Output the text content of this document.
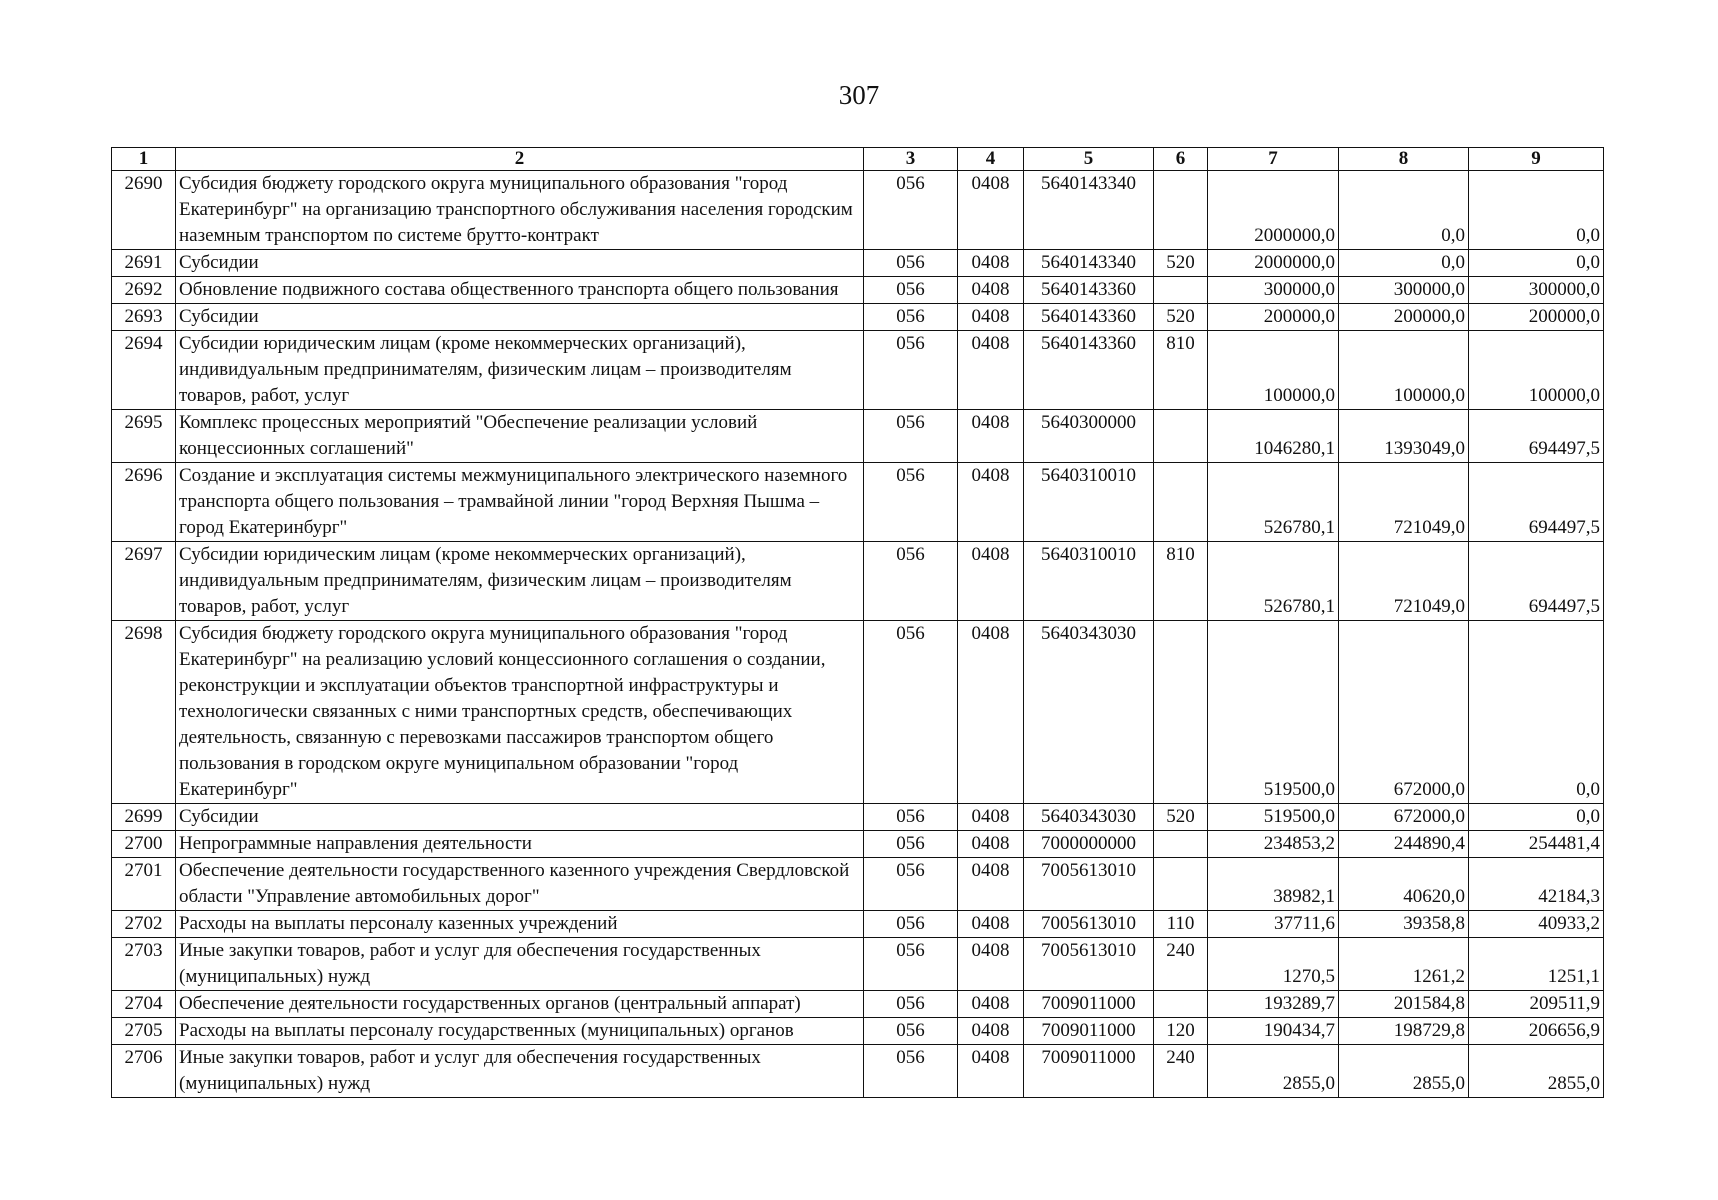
307
1	2	3	4	5	6	7	8	9
2690	Субсидия бюджету городского округа муниципального образования "город Екатеринбург" на организацию транспортного обслуживания населения городским наземным транспортом по системе брутто-контракт	056	0408	5640143340		2000000,0	0,0	0,0
2691	Субсидии	056	0408	5640143340	520	2000000,0	0,0	0,0
2692	Обновление подвижного состава общественного транспорта общего пользования	056	0408	5640143360		300000,0	300000,0	300000,0
2693	Субсидии	056	0408	5640143360	520	200000,0	200000,0	200000,0
2694	Субсидии юридическим лицам (кроме некоммерческих организаций), индивидуальным предпринимателям, физическим лицам – производителям товаров, работ, услуг	056	0408	5640143360	810	100000,0	100000,0	100000,0
2695	Комплекс процессных мероприятий "Обеспечение реализации условий концессионных соглашений"	056	0408	5640300000		1046280,1	1393049,0	694497,5
2696	Создание и эксплуатация системы межмуниципального электрического наземного транспорта общего пользования – трамвайной линии "город Верхняя Пышма – город Екатеринбург"	056	0408	5640310010		526780,1	721049,0	694497,5
2697	Субсидии юридическим лицам (кроме некоммерческих организаций), индивидуальным предпринимателям, физическим лицам – производителям товаров, работ, услуг	056	0408	5640310010	810	526780,1	721049,0	694497,5
2698	Субсидия бюджету городского округа муниципального образования "город Екатеринбург" на реализацию условий концессионного соглашения о создании, реконструкции и эксплуатации объектов транспортной инфраструктуры и технологически связанных с ними транспортных средств, обеспечивающих деятельность, связанную с перевозками пассажиров транспортом общего пользования в городском округе муниципальном образовании "город Екатеринбург"	056	0408	5640343030		519500,0	672000,0	0,0
2699	Субсидии	056	0408	5640343030	520	519500,0	672000,0	0,0
2700	Непрограммные направления деятельности	056	0408	7000000000		234853,2	244890,4	254481,4
2701	Обеспечение деятельности государственного казенного учреждения Свердловской области "Управление автомобильных дорог"	056	0408	7005613010		38982,1	40620,0	42184,3
2702	Расходы на выплаты персоналу казенных учреждений	056	0408	7005613010	110	37711,6	39358,8	40933,2
2703	Иные закупки товаров, работ и услуг для обеспечения государственных (муниципальных) нужд	056	0408	7005613010	240	1270,5	1261,2	1251,1
2704	Обеспечение деятельности государственных органов (центральный аппарат)	056	0408	7009011000		193289,7	201584,8	209511,9
2705	Расходы на выплаты персоналу государственных (муниципальных) органов	056	0408	7009011000	120	190434,7	198729,8	206656,9
2706	Иные закупки товаров, работ и услуг для обеспечения государственных (муниципальных) нужд	056	0408	7009011000	240	2855,0	2855,0	2855,0
